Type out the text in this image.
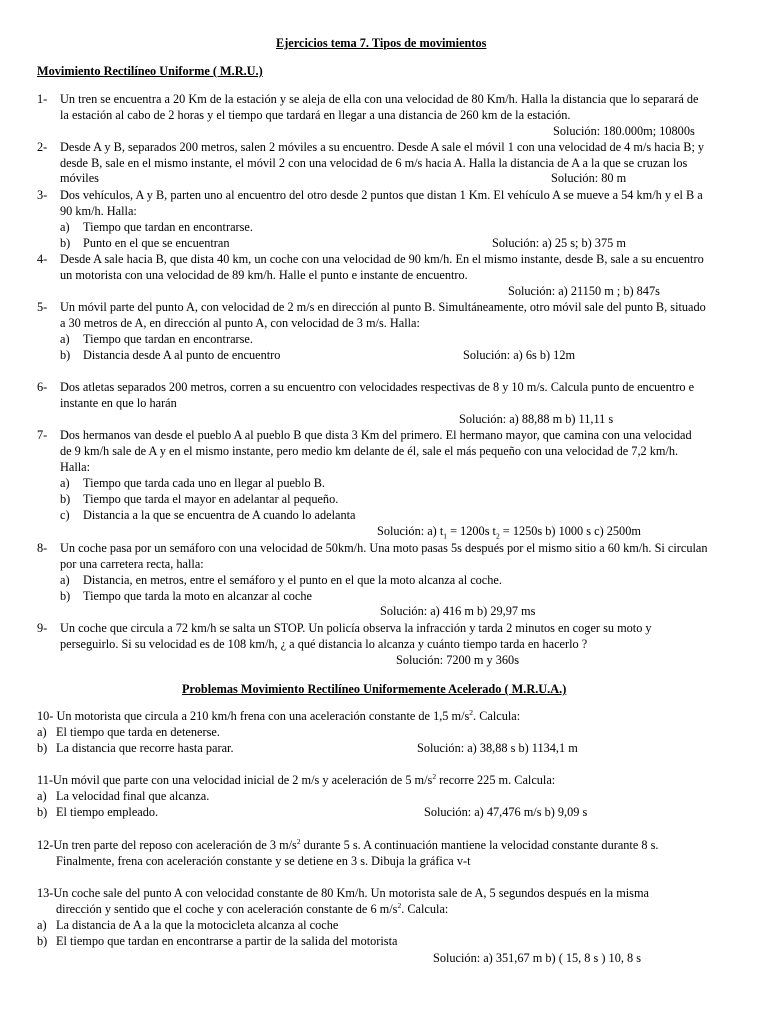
Ejercicios tema 7. Tipos de movimientos
Movimiento Rectilíneo Uniforme ( M.R.U.)
1- Un tren se encuentra a 20 Km de la estación y se aleja de ella con una velocidad de 80 Km/h. Halla la distancia que lo separará de
la estación al cabo de 2 horas y el tiempo que tardará en llegar a una distancia de 260 km de la estación.
Solución: 180.000m; 10800s
2- Desde A y B, separados 200 metros, salen 2 móviles a su encuentro. Desde A sale el móvil 1 con una velocidad de 4 m/s hacia B; y
desde B, sale en el mismo instante, el móvil 2 con una velocidad de 6 m/s hacia A. Halla la distancia de A a la que se cruzan los
móviles	Solución: 80 m
3- Dos vehículos, A y B, parten uno al encuentro del otro desde 2 puntos que distan 1 Km. El vehículo A se mueve a 54 km/h y el B a
90 km/h. Halla:
a) Tiempo que tardan en encontrarse.
b) Punto en el que se encuentran	Solución: a) 25 s; b) 375 m
4- Desde A sale hacia B, que dista 40 km, un coche con una velocidad de 90 km/h. En el mismo instante, desde B, sale a su encuentro
un motorista con una velocidad de 89 km/h. Halle el punto e instante de encuentro.
Solución: a) 21150 m ; b) 847s
5- Un móvil parte del punto A, con velocidad de 2 m/s en dirección al punto B. Simultáneamente, otro móvil sale del punto B, situado
a 30 metros de A, en dirección al punto A, con velocidad de 3 m/s. Halla:
a) Tiempo que tardan en encontrarse.
b) Distancia desde A al punto de encuentro	Solución: a) 6s b) 12m
6- Dos atletas separados 200 metros, corren a su encuentro con velocidades respectivas de 8 y 10 m/s. Calcula punto de encuentro e
instante en que lo harán
Solución: a) 88,88 m b) 11,11 s
7- Dos hermanos van desde el pueblo A al pueblo B que dista 3 Km del primero. El hermano mayor, que camina con una velocidad
de 9 km/h sale de A y en el mismo instante, pero medio km delante de él, sale el más pequeño con una velocidad de 7,2 km/h.
Halla:
a) Tiempo que tarda cada uno en llegar al pueblo B.
b) Tiempo que tarda el mayor en adelantar al pequeño.
c) Distancia a la que se encuentra de A cuando lo adelanta
Solución: a) $t_1 = 1200s$ $t_2 = 1250s$ b) 1000 s c) 2500m
8- Un coche pasa por un semáforo con una velocidad de 50km/h. Una moto pasas 5s después por el mismo sitio a 60 km/h. Si circulan
por una carretera recta, halla:
a) Distancia, en metros, entre el semáforo y el punto en el que la moto alcanza al coche.
b) Tiempo que tarda la moto en alcanzar al coche
Solución: a) 416 m b) 29,97 ms
9- Un coche que circula a 72 km/h se salta un STOP. Un policía observa la infracción y tarda 2 minutos en coger su moto y
perseguirlo. Si su velocidad es de 108 km/h, ¿ a qué distancia lo alcanza y cuánto tiempo tarda en hacerlo ?
Solución: 7200 m y 360s
Problemas Movimiento Rectilíneo Uniformemente Acelerado ( M.R.U.A.)
10- Un motorista que circula a 210 km/h frena con una aceleración constante de 1,5 $m/s^2$. Calcula:
a) El tiempo que tarda en detenerse.
b) La distancia que recorre hasta parar.	Solución: a) 38,88 s b) 1134,1 m
11-Un móvil que parte con una velocidad inicial de 2 m/s y aceleración de 5 $m/s^2$ recorre 225 m. Calcula:
a) La velocidad final que alcanza.
b) El tiempo empleado.	Solución: a) 47,476 m/s b) 9,09 s
12-Un tren parte del reposo con aceleración de 3 $m/s^2$ durante 5 s. A continuación mantiene la velocidad constante durante 8 s.
Finalmente, frena con aceleración constante y se detiene en 3 s. Dibuja la gráfica v-t
13-Un coche sale del punto A con velocidad constante de 80 Km/h. Un motorista sale de A, 5 segundos después en la misma
dirección y sentido que el coche y con aceleración constante de 6 $m/s^2$. Calcula:
a) La distancia de A a la que la motocicleta alcanza al coche
b) El tiempo que tardan en encontrarse a partir de la salida del motorista
Solución: a) 351,67 m b) ( 15, 8 s ) 10, 8 s
